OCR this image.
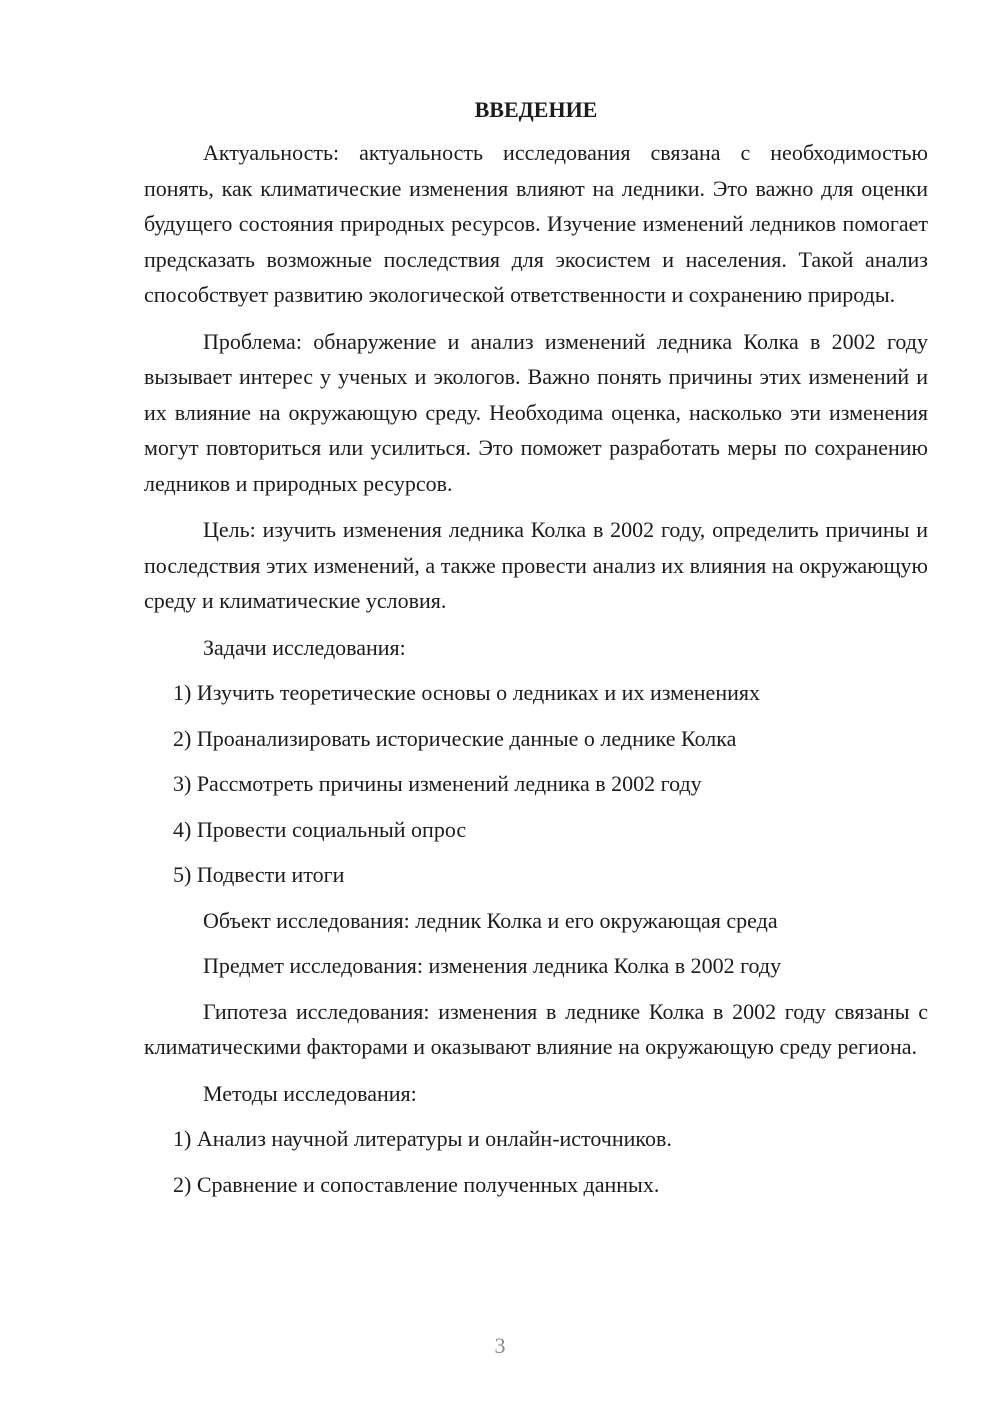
ВВЕДЕНИЕ

Актуальность: актуальность исследования связана с необходимостью понять, как климатические изменения влияют на ледники. Это важно для оценки будущего состояния природных ресурсов. Изучение изменений ледников помогает предсказать возможные последствия для экосистем и населения. Такой анализ способствует развитию экологической ответственности и сохранению природы.

Проблема: обнаружение и анализ изменений ледника Колка в 2002 году вызывает интерес у ученых и экологов. Важно понять причины этих изменений и их влияние на окружающую среду. Необходима оценка, насколько эти изменения могут повториться или усилиться. Это поможет разработать меры по сохранению ледников и природных ресурсов.

Цель: изучить изменения ледника Колка в 2002 году, определить причины и последствия этих изменений, а также провести анализ их влияния на окружающую среду и климатические условия.

Задачи исследования:
1) Изучить теоретические основы о ледниках и их изменениях
2) Проанализировать исторические данные о леднике Колка
3) Рассмотреть причины изменений ледника в 2002 году
4) Провести социальный опрос
5) Подвести итоги
Объект исследования: ледник Колка и его окружающая среда
Предмет исследования: изменения ледника Колка в 2002 году

Гипотеза исследования: изменения в леднике Колка в 2002 году связаны с климатическими факторами и оказывают влияние на окружающую среду региона.

Методы исследования:
1) Анализ научной литературы и онлайн-источников.
2) Сравнение и сопоставление полученных данных.
3
